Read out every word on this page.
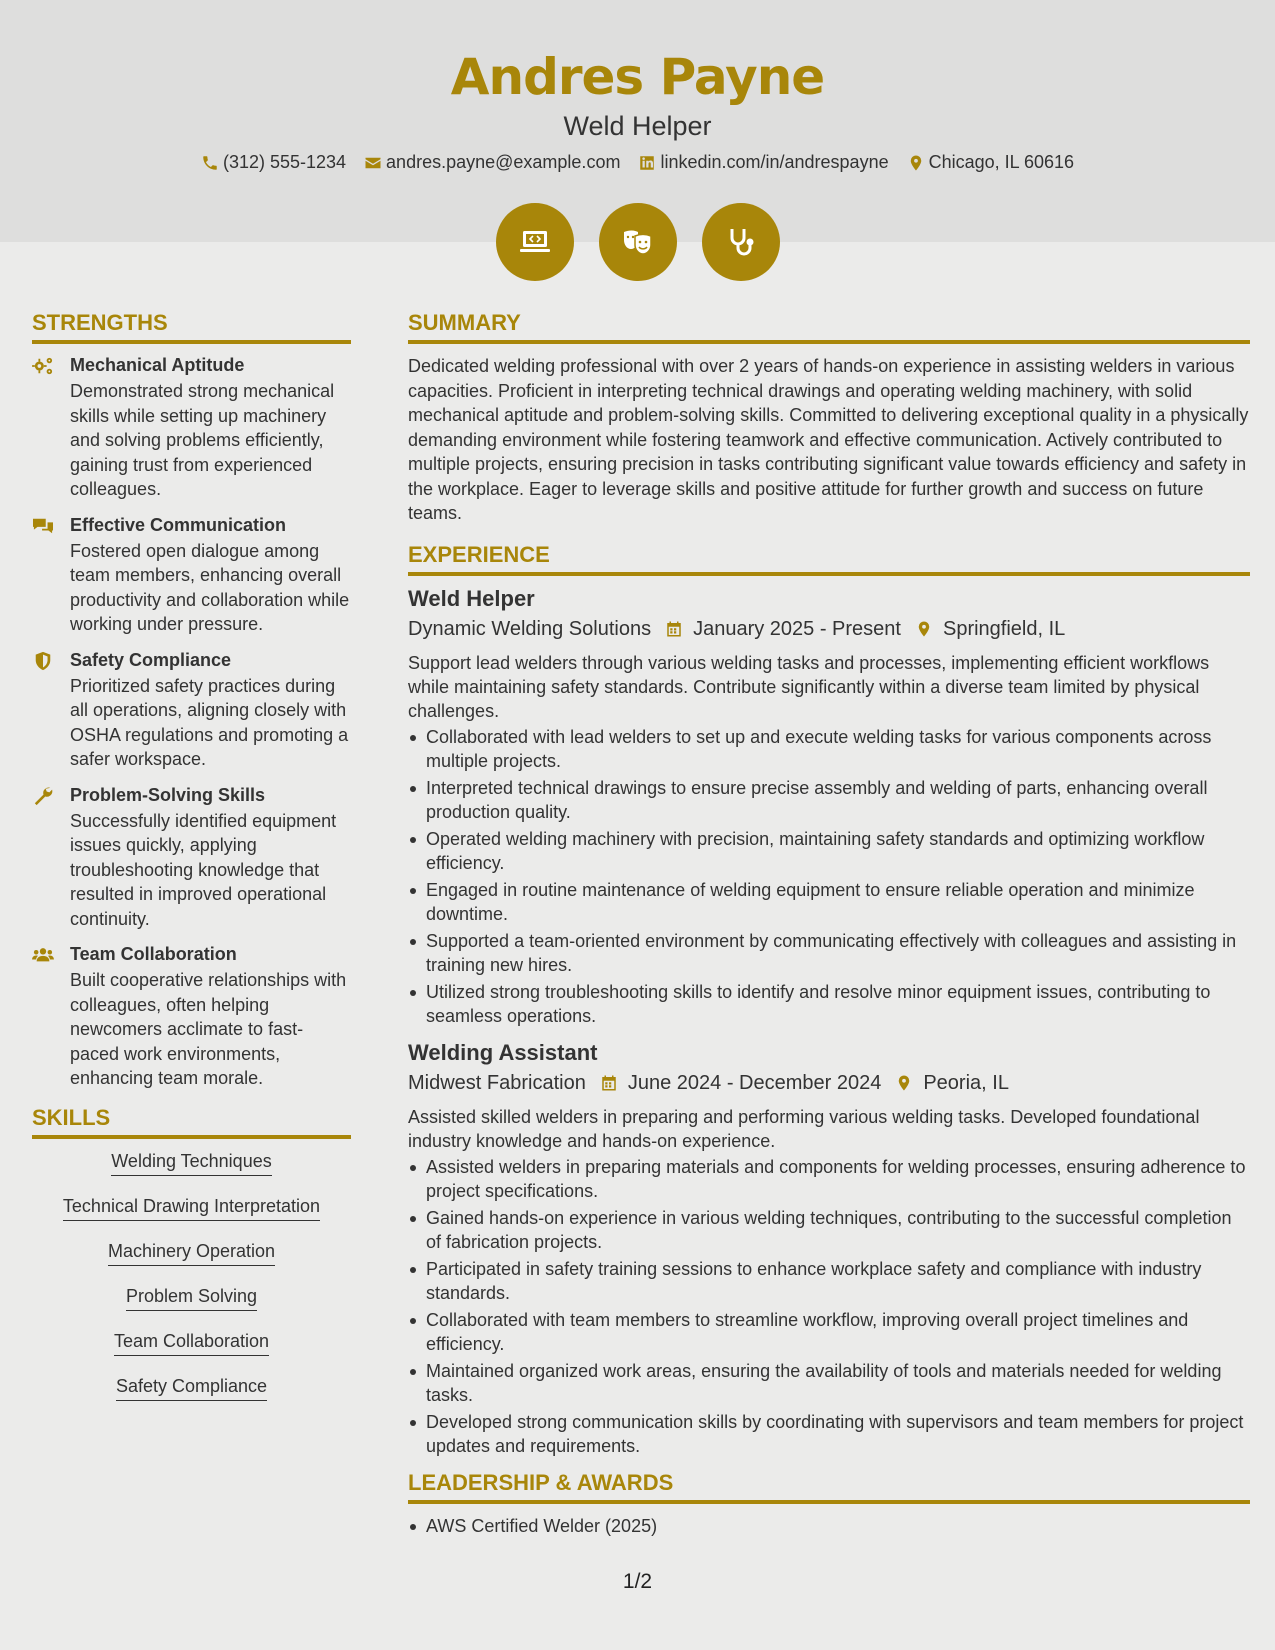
Andres Payne
Weld Helper
(312) 555-1234 andres.payne@example.com linkedin.com/in/andrespayne Chicago, IL 60616
STRENGTHS
Mechanical Aptitude
Demonstrated strong mechanical skills while setting up machinery and solving problems efficiently, gaining trust from experienced colleagues.
Effective Communication
Fostered open dialogue among team members, enhancing overall productivity and collaboration while working under pressure.
Safety Compliance
Prioritized safety practices during all operations, aligning closely with OSHA regulations and promoting a safer workspace.
Problem-Solving Skills
Successfully identified equipment issues quickly, applying troubleshooting knowledge that resulted in improved operational continuity.
Team Collaboration
Built cooperative relationships with colleagues, often helping newcomers acclimate to fast-paced work environments, enhancing team morale.
SKILLS
Welding Techniques
Technical Drawing Interpretation
Machinery Operation
Problem Solving
Team Collaboration
Safety Compliance
SUMMARY
Dedicated welding professional with over 2 years of hands-on experience in assisting welders in various capacities. Proficient in interpreting technical drawings and operating welding machinery, with solid mechanical aptitude and problem-solving skills. Committed to delivering exceptional quality in a physically demanding environment while fostering teamwork and effective communication. Actively contributed to multiple projects, ensuring precision in tasks contributing significant value towards efficiency and safety in the workplace. Eager to leverage skills and positive attitude for further growth and success on future teams.
EXPERIENCE
Weld Helper
Dynamic Welding Solutions January 2025 - Present Springfield, IL
Support lead welders through various welding tasks and processes, implementing efficient workflows while maintaining safety standards. Contribute significantly within a diverse team limited by physical challenges.
Collaborated with lead welders to set up and execute welding tasks for various components across multiple projects.
Interpreted technical drawings to ensure precise assembly and welding of parts, enhancing overall production quality.
Operated welding machinery with precision, maintaining safety standards and optimizing workflow efficiency.
Engaged in routine maintenance of welding equipment to ensure reliable operation and minimize downtime.
Supported a team-oriented environment by communicating effectively with colleagues and assisting in training new hires.
Utilized strong troubleshooting skills to identify and resolve minor equipment issues, contributing to seamless operations.
Welding Assistant
Midwest Fabrication June 2024 - December 2024 Peoria, IL
Assisted skilled welders in preparing and performing various welding tasks. Developed foundational industry knowledge and hands-on experience.
Assisted welders in preparing materials and components for welding processes, ensuring adherence to project specifications.
Gained hands-on experience in various welding techniques, contributing to the successful completion of fabrication projects.
Participated in safety training sessions to enhance workplace safety and compliance with industry standards.
Collaborated with team members to streamline workflow, improving overall project timelines and efficiency.
Maintained organized work areas, ensuring the availability of tools and materials needed for welding tasks.
Developed strong communication skills by coordinating with supervisors and team members for project updates and requirements.
LEADERSHIP & AWARDS
AWS Certified Welder (2025)
1/2
